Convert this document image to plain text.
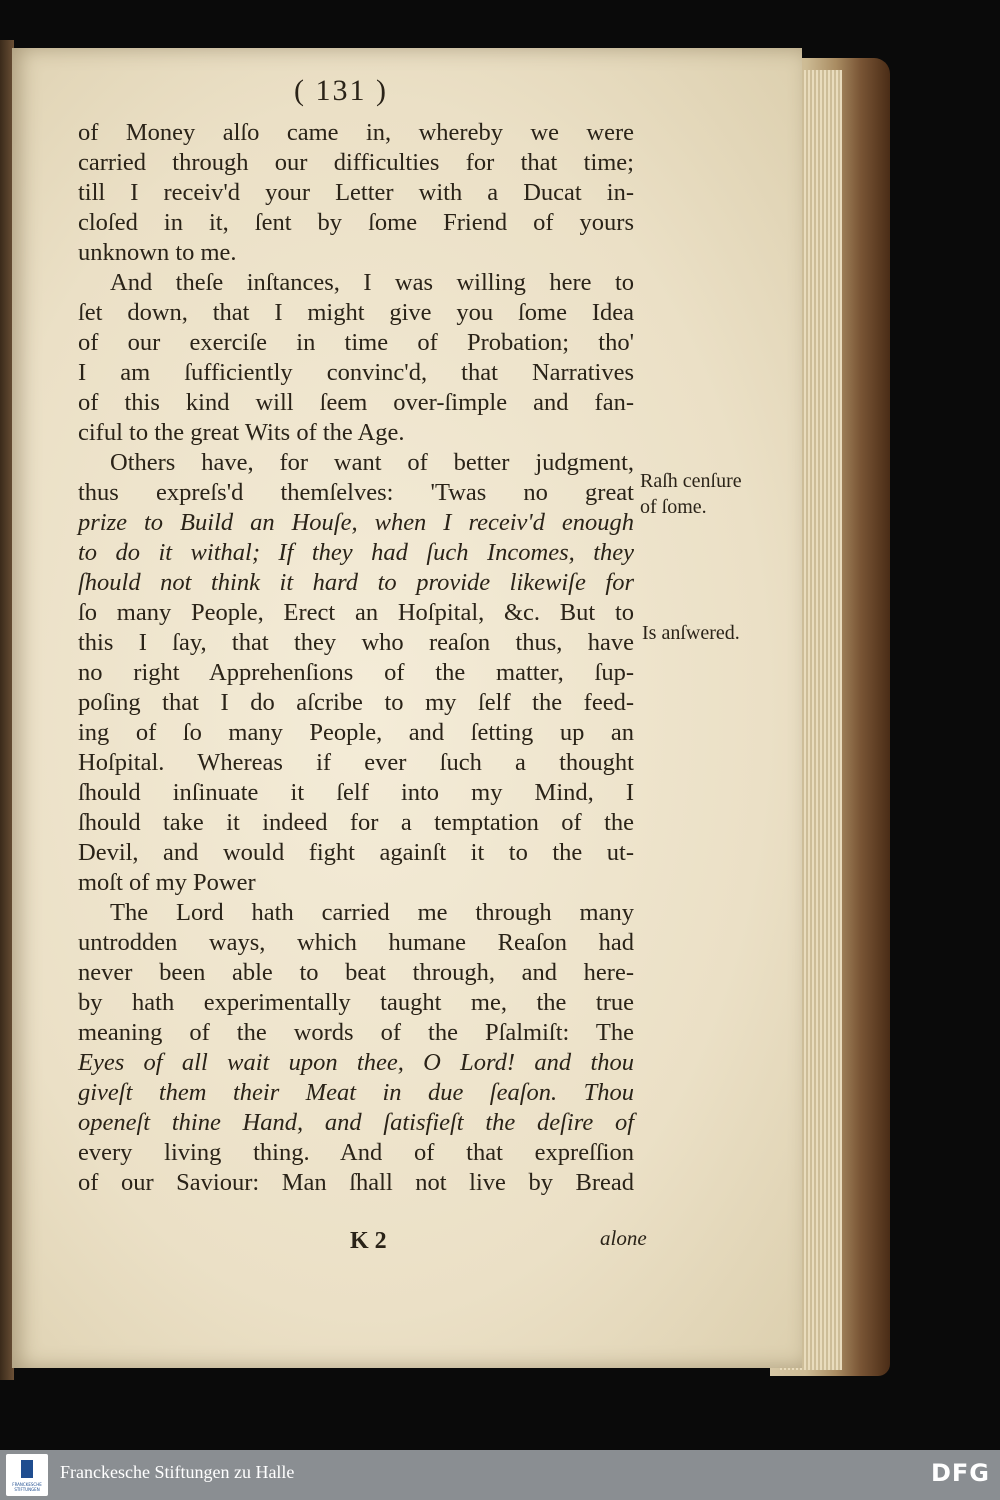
( 131 )
of Money alſo came in, whereby we were
carried through our difficulties for that time;
till I receiv'd your Letter with a Ducat in-
cloſed in it, ſent by ſome Friend of yours
unknown to me.
And theſe inſtances, I was willing here to
ſet down, that I might give you ſome Idea
of our exerciſe in time of Probation; tho'
I am ſufficiently convinc'd, that Narratives
of this kind will ſeem over-ſimple and fan-
ciful to the great Wits of the Age.
Others have, for want of better judgment,
thus expreſs'd themſelves: 'Twas no great
prize to Build an Houſe, when I receiv'd enough
to do it withal; If they had ſuch Incomes, they
ſhould not think it hard to provide likewiſe for
ſo many People, Erect an Hoſpital, &c. But to
this I ſay, that they who reaſon thus, have
no right Apprehenſions of the matter, ſup-
poſing that I do aſcribe to my ſelf the feed-
ing of ſo many People, and ſetting up an
Hoſpital. Whereas if ever ſuch a thought
ſhould inſinuate it ſelf into my Mind, I
ſhould take it indeed for a temptation of the
Devil, and would fight againſt it to the ut-
moſt of my Power
The Lord hath carried me through many
untrodden ways, which humane Reaſon had
never been able to beat through, and here-
by hath experimentally taught me, the true
meaning of the words of the Pſalmiſt: The
Eyes of all wait upon thee, O Lord! and thou
giveſt them their Meat in due ſeaſon. Thou
openeſt thine Hand, and ſatisfieſt the deſire of
every living thing. And of that expreſſion
of our Saviour: Man ſhall not live by Bread
Raſh cenſure
of ſome.
Is anſwered.
K 2	alone
FRANCKESCHE STIFTUNGEN
Franckesche Stiftungen zu Halle	DFG
